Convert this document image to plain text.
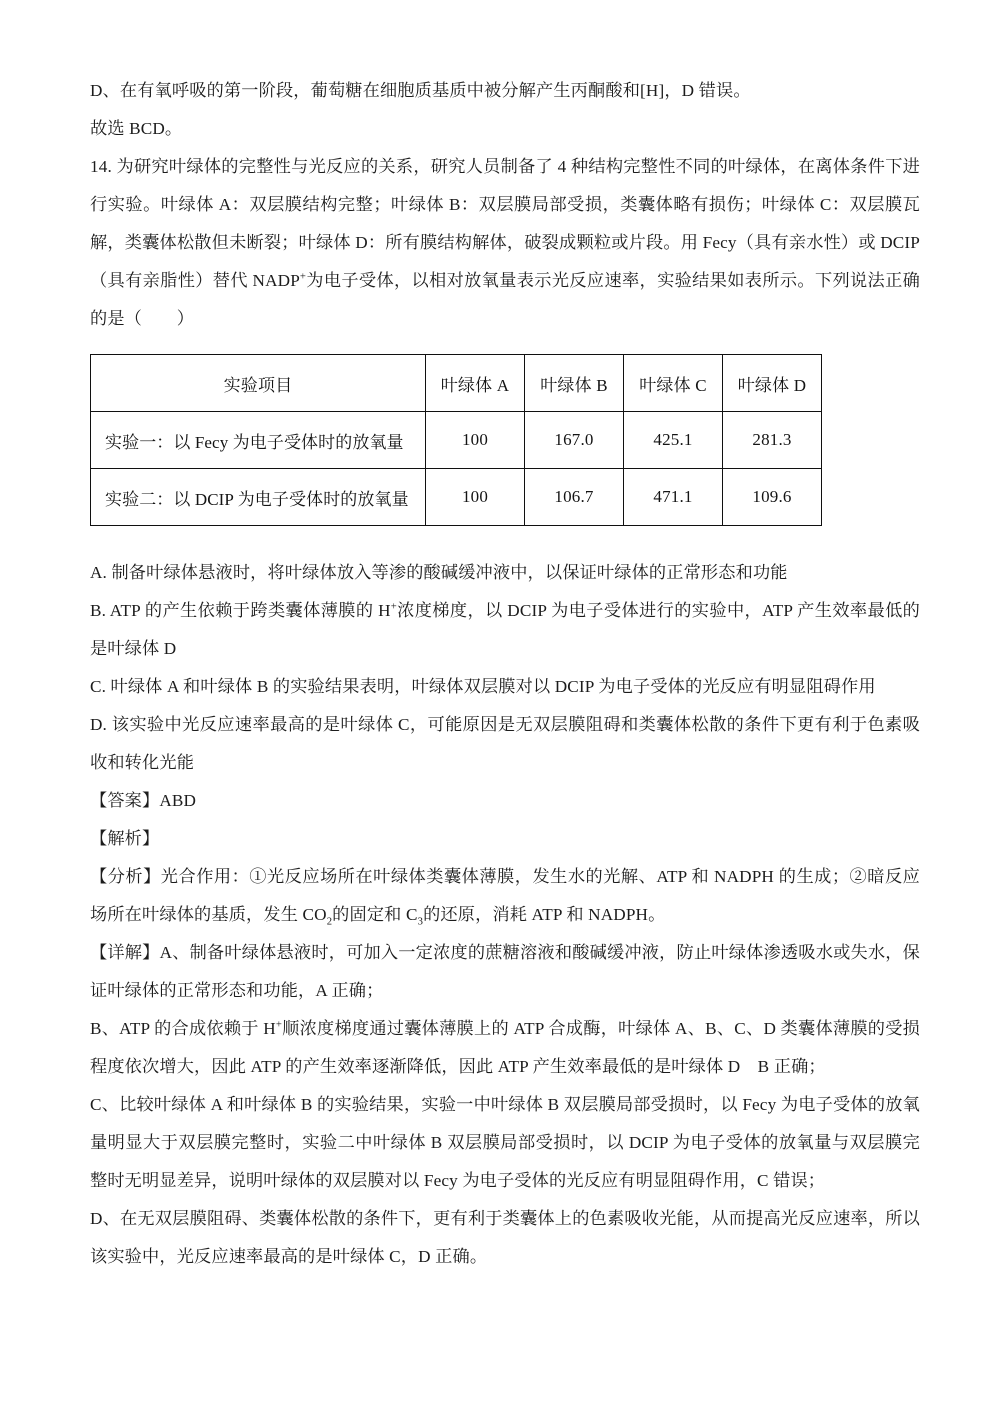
D、在有氧呼吸的第一阶段，葡萄糖在细胞质基质中被分解产生丙酮酸和[H]，D 错误。

故选 BCD。

14. 为研究叶绿体的完整性与光反应的关系，研究人员制备了 4 种结构完整性不同的叶绿体，在离体条件下进行实验。叶绿体 A：双层膜结构完整；叶绿体 B：双层膜局部受损，类囊体略有损伤；叶绿体 C：双层膜瓦解，类囊体松散但未断裂；叶绿体 D：所有膜结构解体，破裂成颗粒或片段。用 Fecy（具有亲水性）或 DCIP（具有亲脂性）替代 NADP+为电子受体，以相对放氧量表示光反应速率，实验结果如表所示。下列说法正确的是（　　）

实验项目	叶绿体 A	叶绿体 B	叶绿体 C	叶绿体 D
实验一：以 Fecy 为电子受体时的放氧量	100	167.0	425.1	281.3
实验二：以 DCIP 为电子受体时的放氧量	100	106.7	471.1	109.6

A. 制备叶绿体悬液时，将叶绿体放入等渗的酸碱缓冲液中，以保证叶绿体的正常形态和功能

B. ATP 的产生依赖于跨类囊体薄膜的 H+浓度梯度，以 DCIP 为电子受体进行的实验中，ATP 产生效率最低的是叶绿体 D

C. 叶绿体 A 和叶绿体 B 的实验结果表明，叶绿体双层膜对以 DCIP 为电子受体的光反应有明显阻碍作用

D. 该实验中光反应速率最高的是叶绿体 C，可能原因是无双层膜阻碍和类囊体松散的条件下更有利于色素吸收和转化光能

【答案】ABD

【解析】

【分析】光合作用：①光反应场所在叶绿体类囊体薄膜，发生水的光解、ATP 和 NADPH 的生成；②暗反应场所在叶绿体的基质，发生 $CO_2$的固定和 $C_3$的还原，消耗 ATP 和 NADPH。

【详解】A、制备叶绿体悬液时，可加入一定浓度的蔗糖溶液和酸碱缓冲液，防止叶绿体渗透吸水或失水，保证叶绿体的正常形态和功能，A 正确；

B、ATP 的合成依赖于 H+顺浓度梯度通过囊体薄膜上的 ATP 合成酶，叶绿体 A、B、C、D 类囊体薄膜的受损程度依次增大，因此 ATP 的产生效率逐渐降低，因此 ATP 产生效率最低的是叶绿体 D　B 正确；

C、比较叶绿体 A 和叶绿体 B 的实验结果，实验一中叶绿体 B 双层膜局部受损时，以 Fecy 为电子受体的放氧量明显大于双层膜完整时，实验二中叶绿体 B 双层膜局部受损时，以 DCIP 为电子受体的放氧量与双层膜完整时无明显差异，说明叶绿体的双层膜对以 Fecy 为电子受体的光反应有明显阻碍作用，C 错误；

D、在无双层膜阻碍、类囊体松散的条件下，更有利于类囊体上的色素吸收光能，从而提高光反应速率，所以该实验中，光反应速率最高的是叶绿体 C，D 正确。
